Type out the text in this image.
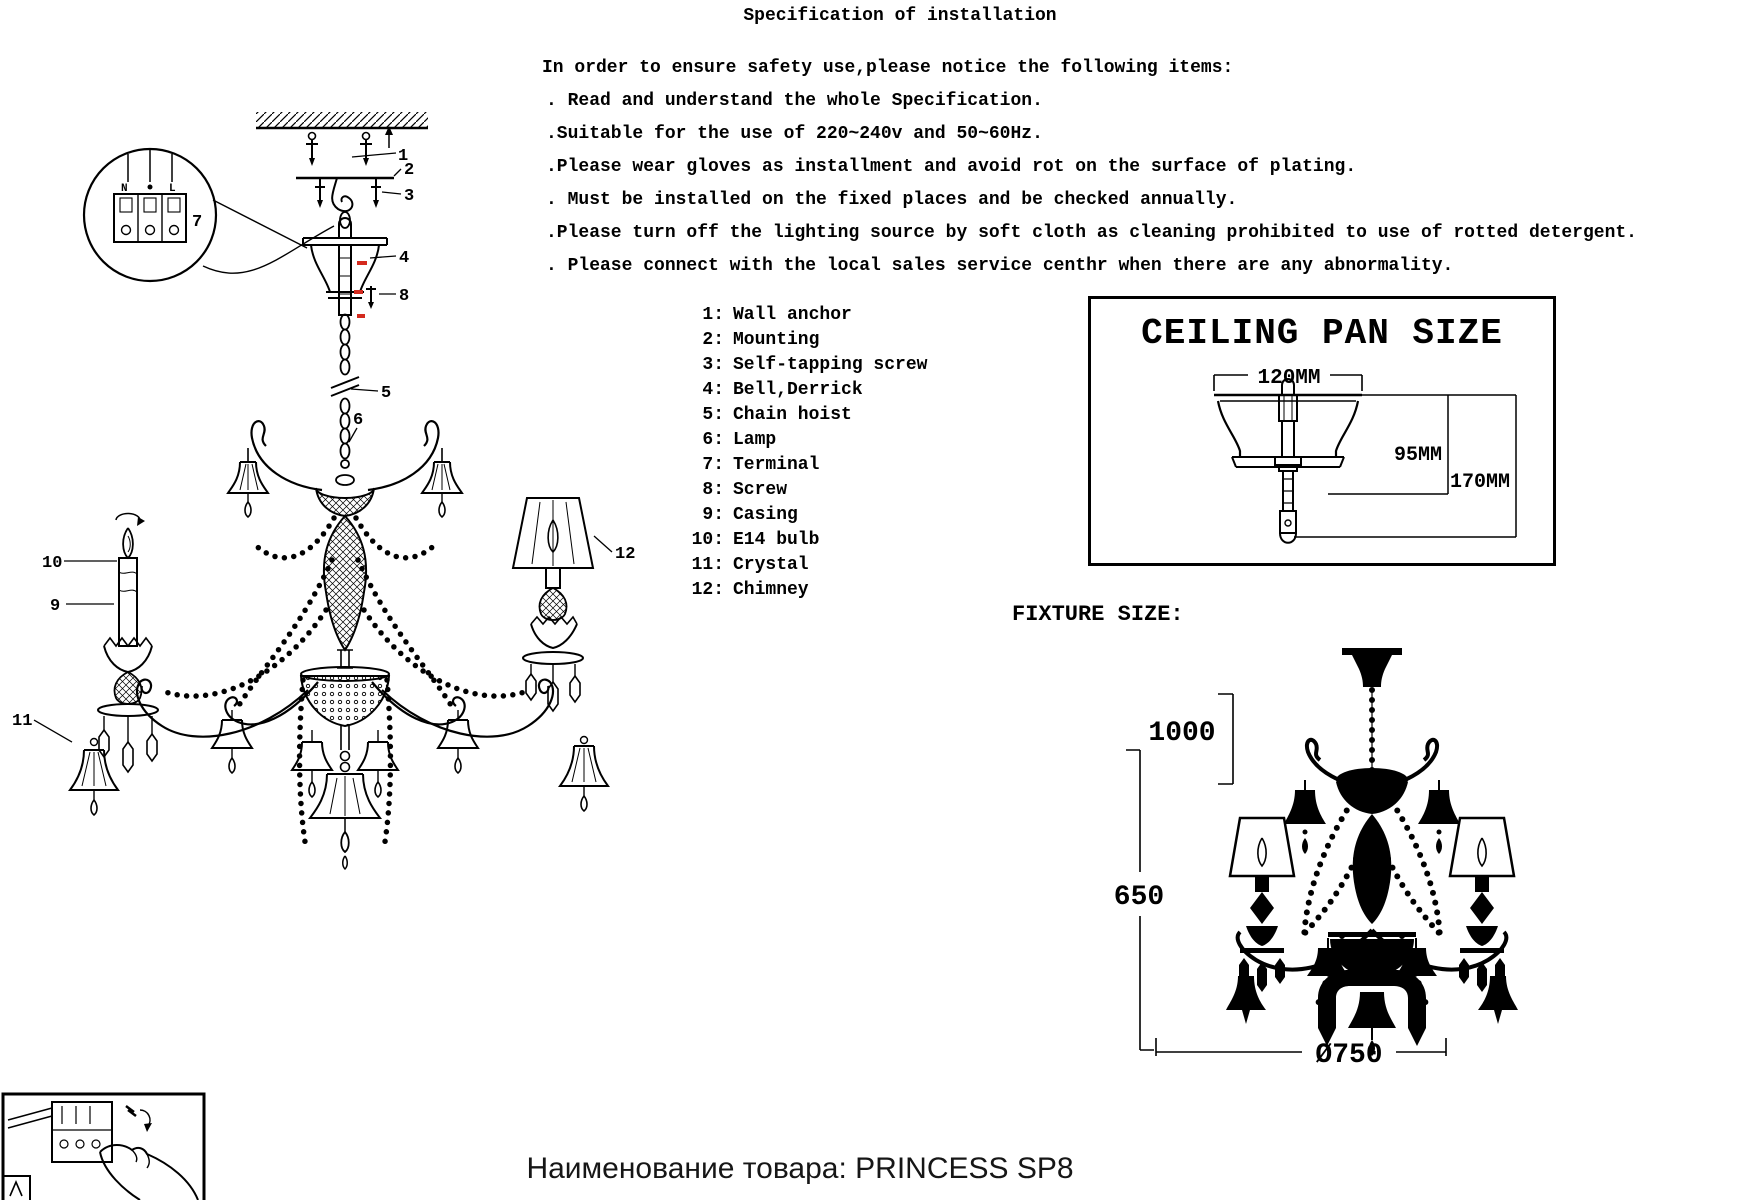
Specification of installation
In order to ensure safety use,please notice the following items:
. Read and understand the whole Specification.
.Suitable for the use of 220~240v and 50~60Hz.
.Please wear gloves as installment and avoid rot on the surface of plating.
. Must be installed on the fixed places and be checked annually.
.Please turn off the lighting source by soft cloth as cleaning prohibited to use of rotted detergent.
. Please connect with the local sales service centhr when there are any abnormality.
1: Wall anchor
2: Mounting
3: Self-tapping screw
4: Bell,Derrick
5: Chain hoist
6: Lamp
7: Terminal
8: Screw
9: Casing
10: E14 bulb
11: Crystal
12: Chimney
CEILING PAN SIZE
120MM
95MM
170MM
FIXTURE SIZE:
1
2
3
4
8
5
6
10
9
11
12
N	L
7
1000
650
Ø750
Наименование товара: PRINCESS SP8
